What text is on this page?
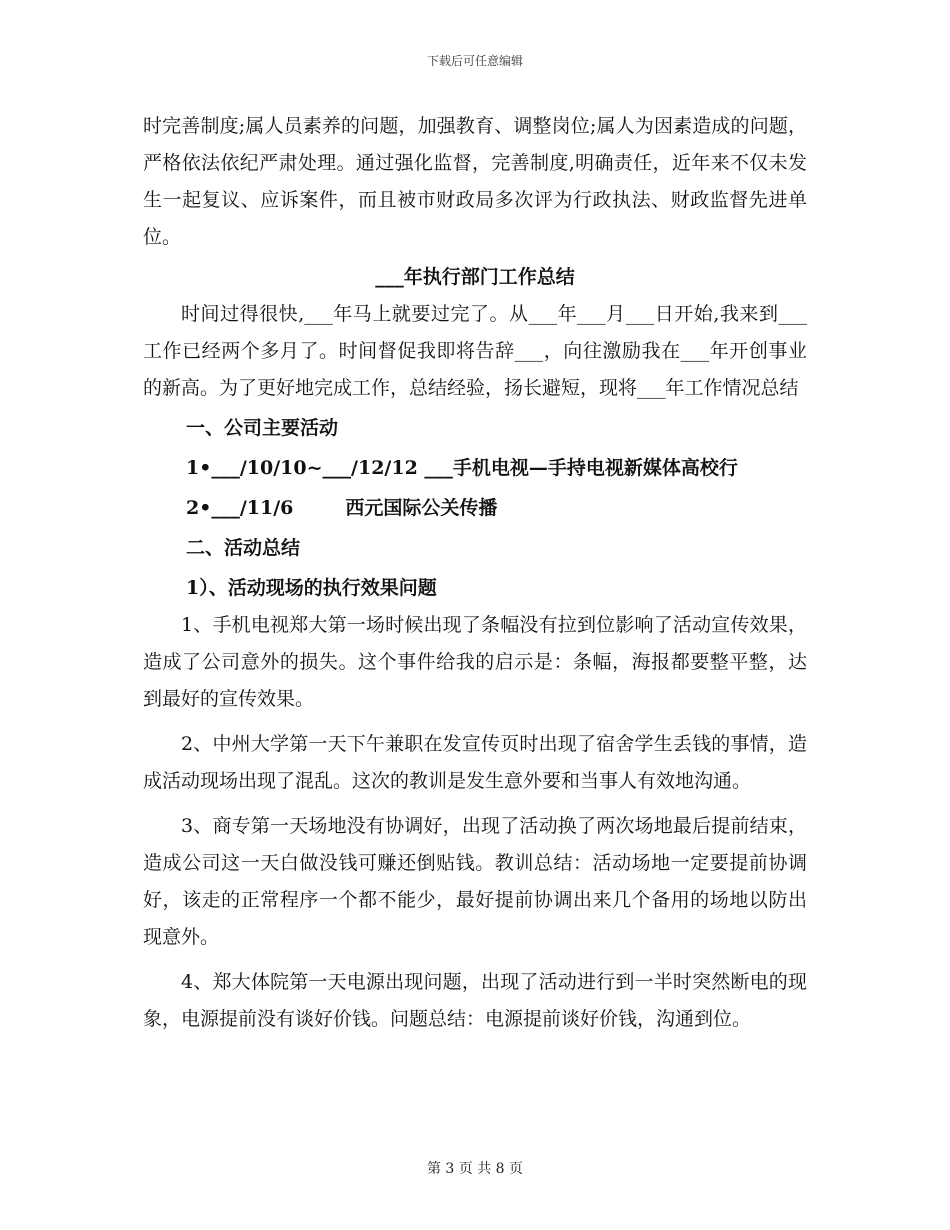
下载后可任意编辑

时完善制度;属人员素养的问题，加强教育、调整岗位;属人为因素造成的问题，严格依法依纪严肃处理。通过强化监督，完善制度,明确责任，近年来不仅未发生一起复议、应诉案件，而且被市财政局多次评为行政执法、财政监督先进单位。

___年执行部门工作总结

时间过得很快,___年马上就要过完了。从___年___月___日开始,我来到___工作已经两个多月了。时间督促我即将告辞___，向往激励我在___年开创事业的新高。为了更好地完成工作，总结经验，扬长避短，现将___年工作情况总结

一、公司主要活动

1•___/10/10~___/12/12 ___手机电视—手持电视新媒体高校行

2•___/11/6	西元国际公关传播

二、活动总结

1）、活动现场的执行效果问题

1、手机电视郑大第一场时候出现了条幅没有拉到位影响了活动宣传效果，造成了公司意外的损失。这个事件给我的启示是：条幅，海报都要整平整，达到最好的宣传效果。

2、中州大学第一天下午兼职在发宣传页时出现了宿舍学生丢钱的事情，造成活动现场出现了混乱。这次的教训是发生意外要和当事人有效地沟通。

3、商专第一天场地没有协调好，出现了活动换了两次场地最后提前结束，造成公司这一天白做没钱可赚还倒贴钱。教训总结：活动场地一定要提前协调好，该走的正常程序一个都不能少，最好提前协调出来几个备用的场地以防出现意外。

4、郑大体院第一天电源出现问题，出现了活动进行到一半时突然断电的现象，电源提前没有谈好价钱。问题总结：电源提前谈好价钱，沟通到位。

第 3 页 共 8 页
